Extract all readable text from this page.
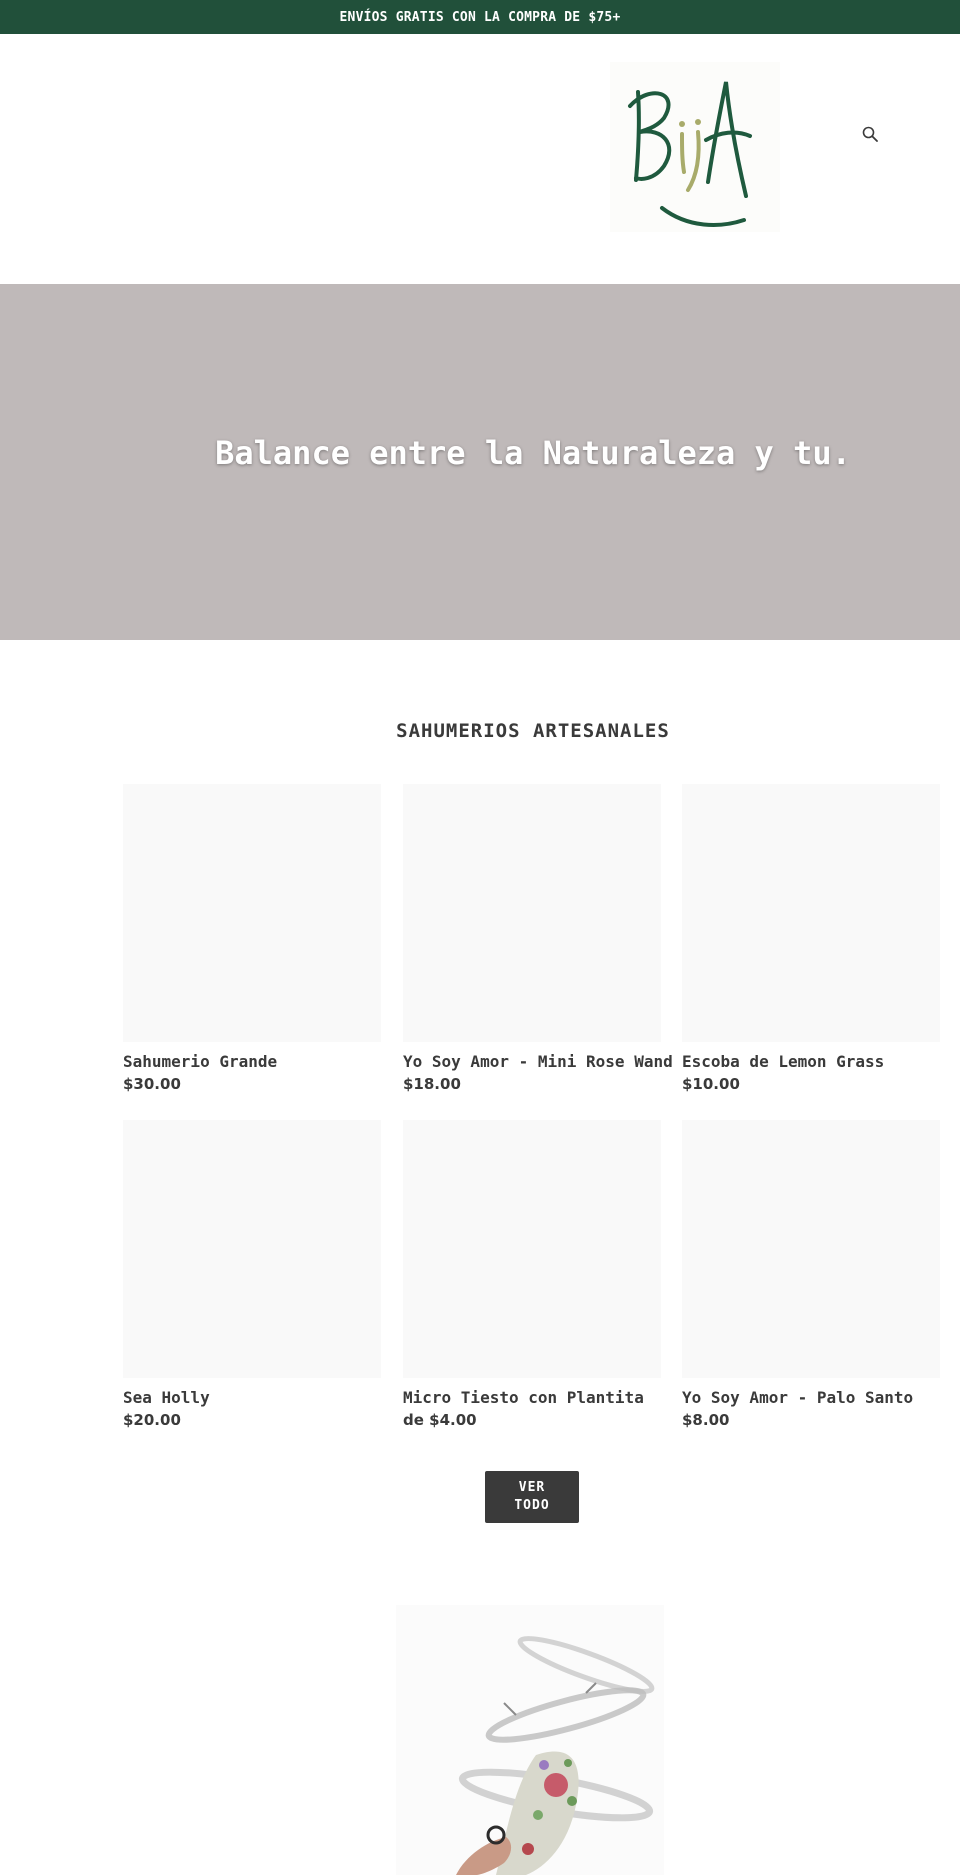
ENVÍOS GRATIS CON LA COMPRA DE $75+
Balance entre la Naturaleza y tu.
SAHUMERIOS ARTESANALES
Sahumerio Grande
$30.00
Yo Soy Amor - Mini Rose Wand
$18.00
Escoba de Lemon Grass
$10.00
Sea Holly
$20.00
Micro Tiesto con Plantita
de $4.00
Yo Soy Amor - Palo Santo
$8.00
VER TODO
